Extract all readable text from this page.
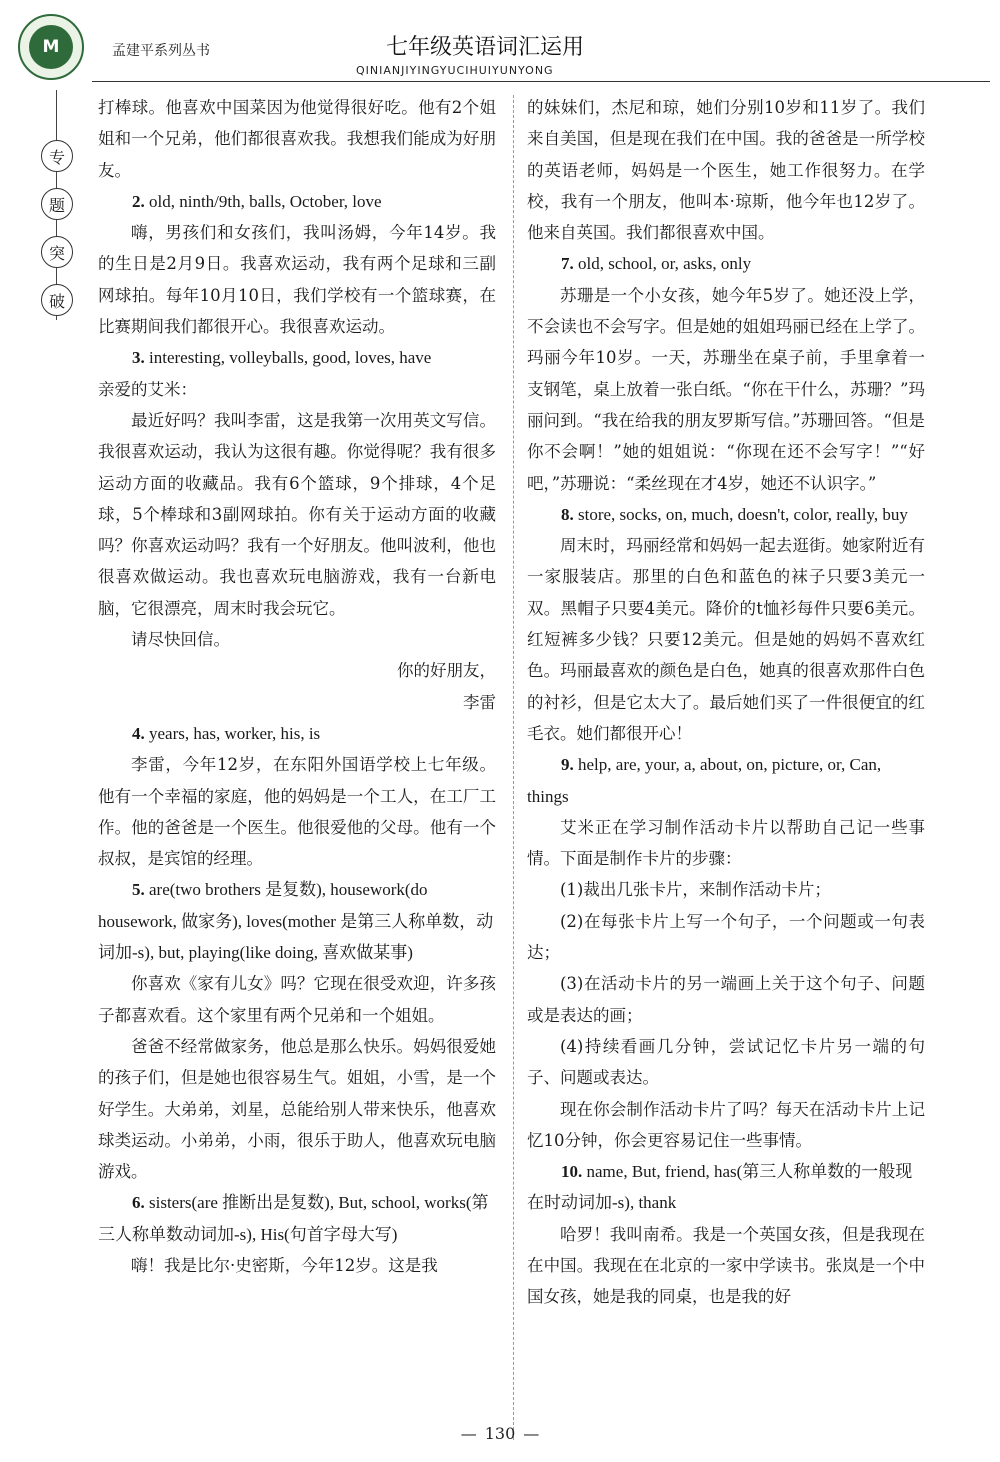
M	孟建平系列丛书	七年级英语词汇运用
QINIANJIYINGYUCIHUIYUNYONG
专
题
突
破

打棒球。他喜欢中国菜因为他觉得很好吃。他有2个姐姐和一个兄弟，他们都很喜欢我。我想我们能成为好朋友。

2. old, ninth/9th, balls, October, love

嗨，男孩们和女孩们，我叫汤姆，今年14岁。我的生日是2月9日。我喜欢运动，我有两个足球和三副网球拍。每年10月10日，我们学校有一个篮球赛，在比赛期间我们都很开心。我很喜欢运动。

3. interesting, volleyballs, good, loves, have

亲爱的艾米：

最近好吗？我叫李雷，这是我第一次用英文写信。我很喜欢运动，我认为这很有趣。你觉得呢？我有很多运动方面的收藏品。我有6个篮球，9个排球，4个足球，5个棒球和3副网球拍。你有关于运动方面的收藏吗？你喜欢运动吗？我有一个好朋友。他叫波利，他也很喜欢做运动。我也喜欢玩电脑游戏，我有一台新电脑，它很漂亮，周末时我会玩它。

请尽快回信。

你的好朋友，

李雷

4. years, has, worker, his, is

李雷，今年12岁，在东阳外国语学校上七年级。他有一个幸福的家庭，他的妈妈是一个工人，在工厂工作。他的爸爸是一个医生。他很爱他的父母。他有一个叔叔，是宾馆的经理。

5. are(two brothers 是复数), housework(do housework, 做家务), loves(mother 是第三人称单数，动词加-s), but, playing(like doing, 喜欢做某事)

你喜欢《家有儿女》吗？它现在很受欢迎，许多孩子都喜欢看。这个家里有两个兄弟和一个姐姐。

爸爸不经常做家务，他总是那么快乐。妈妈很爱她的孩子们，但是她也很容易生气。姐姐，小雪，是一个好学生。大弟弟，刘星，总能给别人带来快乐，他喜欢球类运动。小弟弟，小雨，很乐于助人，他喜欢玩电脑游戏。

6. sisters(are 推断出是复数), But, school, works(第三人称单数动词加-s), His(句首字母大写)

嗨！我是比尔·史密斯，今年12岁。这是我

的妹妹们，杰尼和琼，她们分别10岁和11岁了。我们来自美国，但是现在我们在中国。我的爸爸是一所学校的英语老师，妈妈是一个医生，她工作很努力。在学校，我有一个朋友，他叫本·琼斯，他今年也12岁了。他来自英国。我们都很喜欢中国。

7. old, school, or, asks, only

苏珊是一个小女孩，她今年5岁了。她还没上学，不会读也不会写字。但是她的姐姐玛丽已经在上学了。玛丽今年10岁。一天，苏珊坐在桌子前，手里拿着一支钢笔，桌上放着一张白纸。“你在干什么，苏珊？”玛丽问到。“我在给我的朋友罗斯写信。”苏珊回答。“但是你不会啊！”她的姐姐说：“你现在还不会写字！”“好吧，”苏珊说：“柔丝现在才4岁，她还不认识字。”

8. store, socks, on, much, doesn't, color, really, buy

周末时，玛丽经常和妈妈一起去逛街。她家附近有一家服装店。那里的白色和蓝色的袜子只要3美元一双。黑帽子只要4美元。降价的t恤衫每件只要6美元。红短裤多少钱？只要12美元。但是她的妈妈不喜欢红色。玛丽最喜欢的颜色是白色，她真的很喜欢那件白色的衬衫，但是它太大了。最后她们买了一件很便宜的红毛衣。她们都很开心！

9. help, are, your, a, about, on, picture, or, Can, things

艾米正在学习制作活动卡片以帮助自己记一些事情。下面是制作卡片的步骤：

(1)裁出几张卡片，来制作活动卡片；

(2)在每张卡片上写一个句子，一个问题或一句表达；

(3)在活动卡片的另一端画上关于这个句子、问题或是表达的画；

(4)持续看画几分钟，尝试记忆卡片另一端的句子、问题或表达。

现在你会制作活动卡片了吗？每天在活动卡片上记忆10分钟，你会更容易记住一些事情。

10. name, But, friend, has(第三人称单数的一般现在时动词加-s), thank

哈罗！我叫南希。我是一个英国女孩，但是我现在在中国。我现在在北京的一家中学读书。张岚是一个中国女孩，她是我的同桌，也是我的好

— 130 —
